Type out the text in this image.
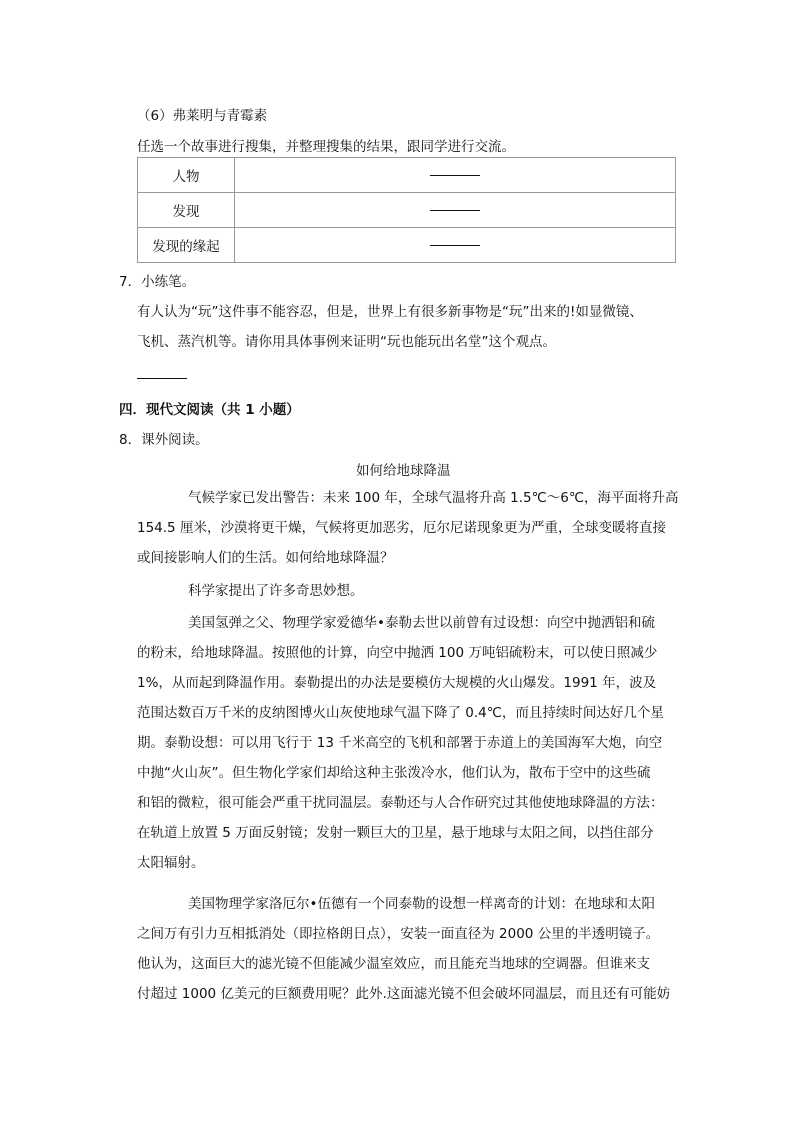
（6）弗莱明与青霉素
任选一个故事进行搜集，并整理搜集的结果，跟同学进行交流。
人物	
发现	
发现的缘起	
7．小练笔。
有人认为“玩”这件事不能容忍，但是，世界上有很多新事物是“玩”出来的!如显微镜、
飞机、蒸汽机等。请你用具体事例来证明“玩也能玩出名堂”这个观点。
四．现代文阅读（共 1 小题）
8．课外阅读。
如何给地球降温
气候学家已发出警告：未来 100 年，全球气温将升高 1.5℃～6℃，海平面将升高
154.5 厘米，沙漠将更干燥，气候将更加恶劣，厄尔尼诺现象更为严重，全球变暖将直接
或间接影响人们的生活。如何给地球降温？
科学家提出了许多奇思妙想。
美国氢弹之父、物理学家爱德华•泰勒去世以前曾有过设想：向空中抛洒铝和硫
的粉末，给地球降温。按照他的计算，向空中抛洒 100 万吨铝硫粉末，可以使日照减少
1%，从而起到降温作用。泰勒提出的办法是要模仿大规模的火山爆发。1991 年，波及
范围达数百万千米的皮纳图博火山灰使地球气温下降了 0.4℃，而且持续时间达好几个星
期。泰勒设想：可以用飞行于 13 千米高空的飞机和部署于赤道上的美国海军大炮，向空
中抛“火山灰”。但生物化学家们却给这种主张泼冷水，他们认为，散布于空中的这些硫
和铝的微粒，很可能会严重干扰同温层。泰勒还与人合作研究过其他使地球降温的方法：
在轨道上放置 5 万面反射镜；发射一颗巨大的卫星，悬于地球与太阳之间，以挡住部分
太阳辐射。
美国物理学家洛厄尔•伍德有一个同泰勒的设想一样离奇的计划：在地球和太阳
之间万有引力互相抵消处（即拉格朗日点），安装一面直径为 2000 公里的半透明镜子。
他认为，这面巨大的滤光镜不但能减少温室效应，而且能充当地球的空调器。但谁来支
付超过 1000 亿美元的巨额费用呢？此外.这面滤光镜不但会破坏同温层，而且还有可能妨
